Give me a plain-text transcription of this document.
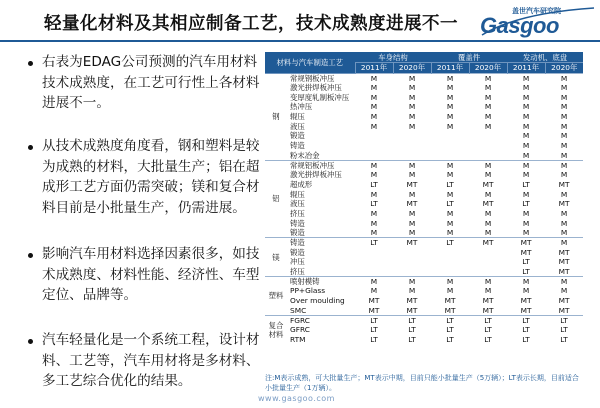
轻量化材料及其相应制备工艺，技术成熟度进展不一
盖世汽车研究院
Gasgoo
右表为EDAG公司预测的汽车用材料技术成熟度，在工艺可行性上各材料进展不一。
从技术成熟度角度看，钢和塑料是较为成熟的材料，大批量生产；铝在超成形工艺方面仍需突破；镁和复合材料目前是小批量生产，仍需进展。
影响汽车用材料选择因素很多，如技术成熟度、材料性能、经济性、车型定位、品牌等。
汽车轻量化是一个系统工程，设计材料、工艺等，汽车用材将是多材料、多工艺综合优化的结果。
材料与汽车制造工艺		车身结构		覆盖件		发动机、底盘	
		2011年	2020年	2011年	2020年	2011年	2020年
钢	常规钢板冲压	M	M	M	M	M	M
	激光拼焊板冲压	M	M	M	M	M	M
	变厚度轧制板冲压	M	M	M	M	M	M
	热冲压	M	M	M	M	M	M
	辊压	M	M	M	M	M	M
	液压	M	M	M	M	M	M
	锻造					M	M
	铸造					M	M
	粉末冶金					M	M
铝	常规铝板冲压	M	M	M	M	M	M
	激光拼焊板冲压	M	M	M	M	M	M
	超成形	LT	MT	LT	MT	LT	MT
	辊压	M	M	M	M	M	M
	液压	LT	MT	LT	MT	LT	MT
	挤压	M	M	M	M	M	M
	铸造	M	M	M	M	M	M
	锻造	M	M	M	M	M	M
镁	铸造	LT	MT	LT	MT	MT	M
	锻造					MT	MT
	冲压					LT	MT
	挤压					LT	MT
塑料	喷射模铸	M	M	M	M	M	M
	PP+Glass	M	M	M	M	M	M
	Over moulding	MT	MT	MT	MT	MT	MT
	SMC	MT	MT	MT	MT	MT	MT
复合材料	FGRC	LT	LT	LT	LT	LT	LT
	GFRC	LT	LT	LT	LT	LT	LT
	RTM	LT	LT	LT	LT	LT	LT
注:M表示成熟，可大批量生产；MT表示中期，目前只能小批量生产（5万辆）；LT表示长期，目前适合小批量生产（1万辆）。
www.gasgoo.com
